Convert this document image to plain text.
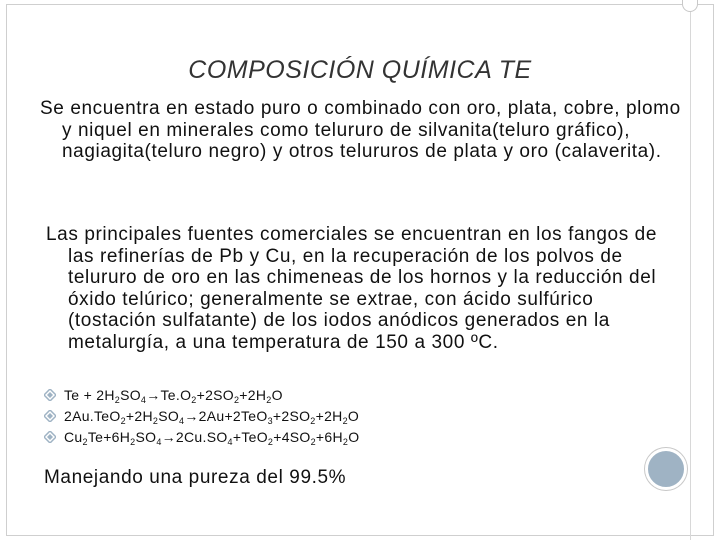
COMPOSICIÓN QUÍMICA TE
Se encuentra en estado puro o combinado con oro, plata, cobre, plomo y niquel en minerales como telururo de silvanita(teluro gráfico), nagiagita(teluro negro) y otros telururos de plata y oro (calaverita).
Las principales fuentes comerciales se encuentran en los fangos de las refinerías de Pb y Cu, en la recuperación de los polvos de telururo de oro en las chimeneas de los hornos y la reducción del óxido telúrico; generalmente se extrae, con ácido sulfúrico (tostación sulfatante) de los iodos anódicos generados en la metalurgía, a una temperatura de 150 a 300 ºC.
$Te + 2H_2SO_4\to Te.O_2+2SO_2+2H_2O$
$2Au.TeO_2+2H_2SO_4\to 2Au+2TeO_3+2SO_2+2H_2O$
$Cu_2Te+6H_2SO_4\to 2Cu.SO_4+TeO_2+4SO_2+6H_2O$
Manejando una pureza del 99.5%
